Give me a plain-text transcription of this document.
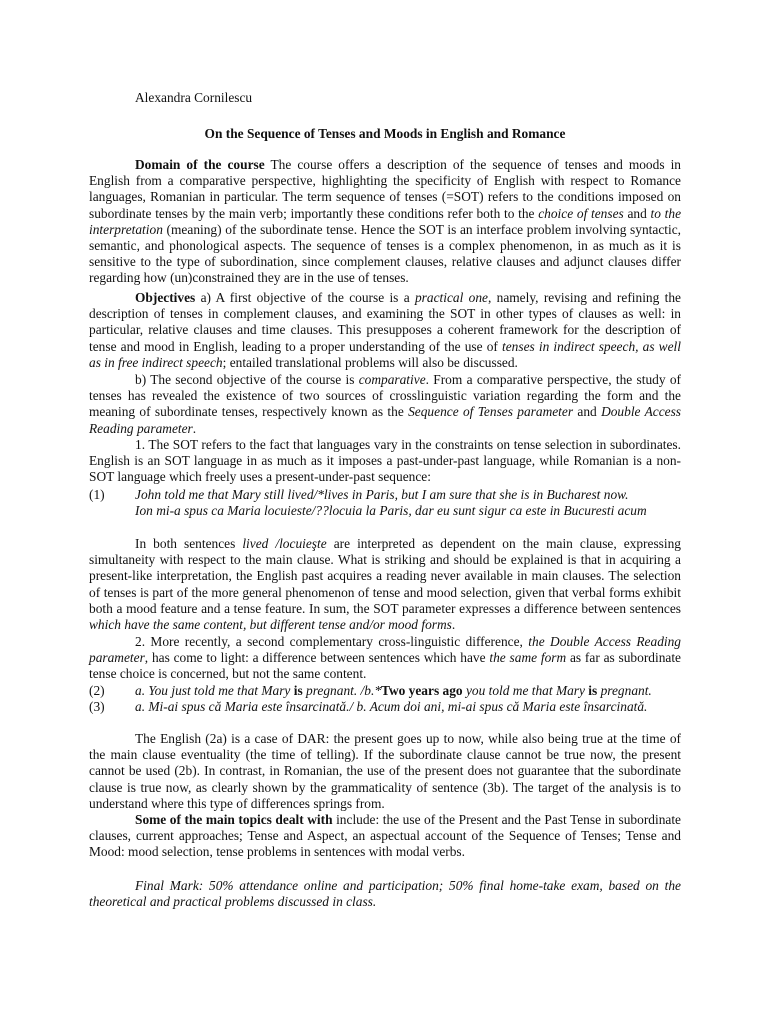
Alexandra Cornilescu
On the Sequence of Tenses and Moods in English and Romance

Domain of the course The course offers a description of the sequence of tenses and moods in English from a comparative perspective, highlighting the specificity of English with respect to Romance languages, Romanian in particular. The term sequence of tenses (=SOT) refers to the conditions imposed on subordinate tenses by the main verb; importantly these conditions refer both to the choice of tenses and to the interpretation (meaning) of the subordinate tense. Hence the SOT is an interface problem involving syntactic, semantic, and phonological aspects. The sequence of tenses is a complex phenomenon, in as much as it is sensitive to the type of subordination, since complement clauses, relative clauses and adjunct clauses differ regarding how (un)constrained they are in the use of tenses.

Objectives a) A first objective of the course is a practical one, namely, revising and refining the description of tenses in complement clauses, and examining the SOT in other types of clauses as well: in particular, relative clauses and time clauses. This presupposes a coherent framework for the description of tense and mood in English, leading to a proper understanding of the use of tenses in indirect speech, as well as in free indirect speech; entailed translational problems will also be discussed.

b) The second objective of the course is comparative. From a comparative perspective, the study of tenses has revealed the existence of two sources of crosslinguistic variation regarding the form and the meaning of subordinate tenses, respectively known as the Sequence of Tenses parameter and Double Access Reading parameter.

1. The SOT refers to the fact that languages vary in the constraints on tense selection in subordinates. English is an SOT language in as much as it imposes a past-under-past language, while Romanian is a non-SOT language which freely uses a present-under-past sequence:

(1) John told me that Mary still lived/*lives in Paris, but I am sure that she is in Bucharest now.
Ion mi-a spus ca Maria locuieste/??locuia la Paris, dar eu sunt sigur ca este in Bucuresti acum

In both sentences lived /locuieşte are interpreted as dependent on the main clause, expressing simultaneity with respect to the main clause. What is striking and should be explained is that in acquiring a present-like interpretation, the English past acquires a reading never available in main clauses. The selection of tenses is part of the more general phenomenon of tense and mood selection, given that verbal forms exhibit both a mood feature and a tense feature. In sum, the SOT parameter expresses a difference between sentences which have the same content, but different tense and/or mood forms.

2. More recently, a second complementary cross-linguistic difference, the Double Access Reading parameter, has come to light: a difference between sentences which have the same form as far as subordinate tense choice is concerned, but not the same content.

(2) a. You just told me that Mary is pregnant. /b.*Two years ago you told me that Mary is pregnant.
(3) a. Mi-ai spus că Maria este însarcinată./ b. Acum doi ani, mi-ai spus că Maria este însarcinată.

The English (2a) is a case of DAR: the present goes up to now, while also being true at the time of the main clause eventuality (the time of telling). If the subordinate clause cannot be true now, the present cannot be used (2b). In contrast, in Romanian, the use of the present does not guarantee that the subordinate clause is true now, as clearly shown by the grammaticality of sentence (3b). The target of the analysis is to understand where this type of differences springs from.

Some of the main topics dealt with include: the use of the Present and the Past Tense in subordinate clauses, current approaches; Tense and Aspect, an aspectual account of the Sequence of Tenses; Tense and Mood: mood selection, tense problems in sentences with modal verbs.

Final Mark: 50% attendance online and participation; 50% final home-take exam, based on the theoretical and practical problems discussed in class.
